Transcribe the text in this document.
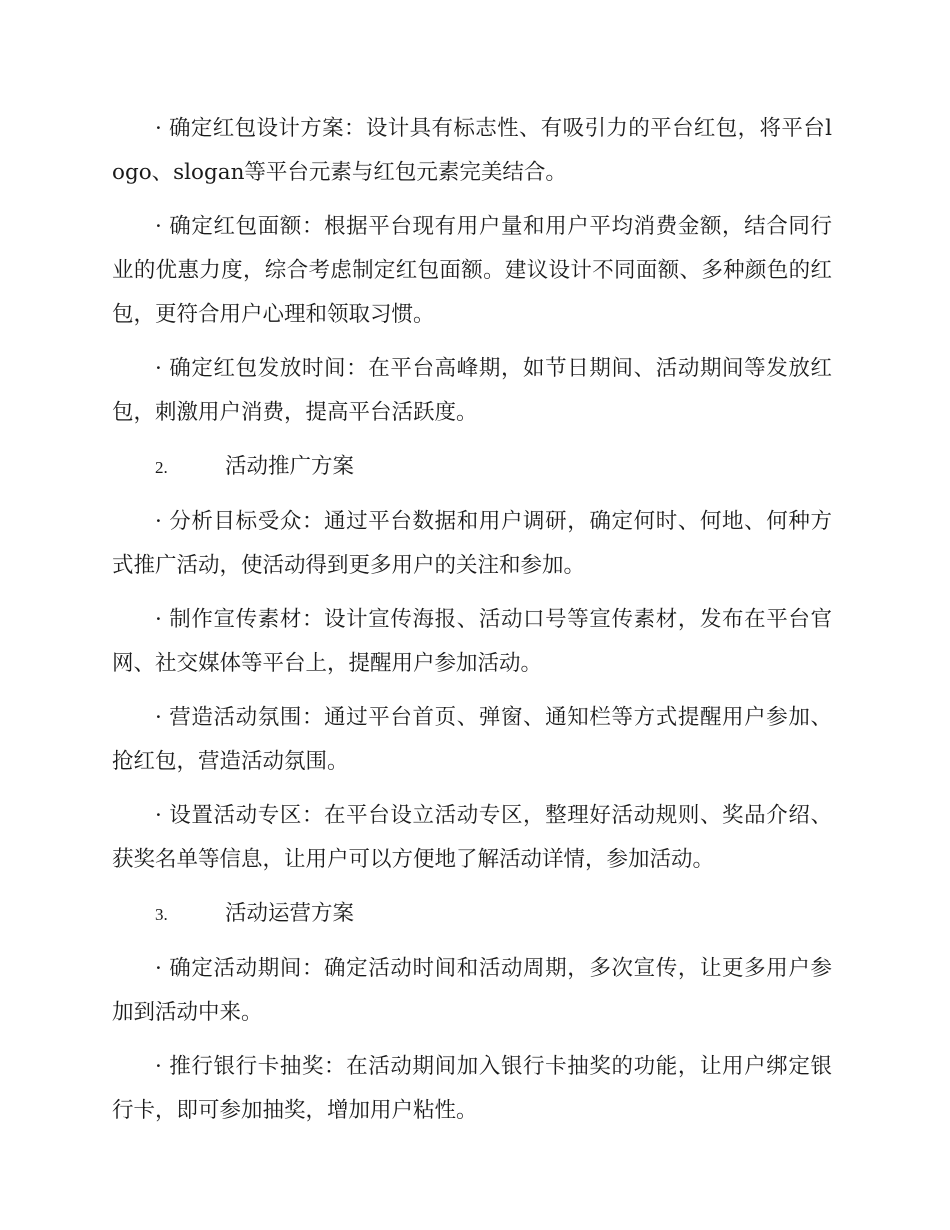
· 确定红包设计方案：设计具有标志性、有吸引力的平台红包，将平台logo、slogan等平台元素与红包元素完美结合。

· 确定红包面额：根据平台现有用户量和用户平均消费金额，结合同行业的优惠力度，综合考虑制定红包面额。建议设计不同面额、多种颜色的红包，更符合用户心理和领取习惯。

· 确定红包发放时间：在平台高峰期，如节日期间、活动期间等发放红包，刺激用户消费，提高平台活跃度。

2.	活动推广方案

· 分析目标受众：通过平台数据和用户调研，确定何时、何地、何种方式推广活动，使活动得到更多用户的关注和参加。

· 制作宣传素材：设计宣传海报、活动口号等宣传素材，发布在平台官网、社交媒体等平台上，提醒用户参加活动。

· 营造活动氛围：通过平台首页、弹窗、通知栏等方式提醒用户参加、抢红包，营造活动氛围。

· 设置活动专区：在平台设立活动专区，整理好活动规则、奖品介绍、获奖名单等信息，让用户可以方便地了解活动详情，参加活动。

3.	活动运营方案

· 确定活动期间：确定活动时间和活动周期，多次宣传，让更多用户参加到活动中来。

· 推行银行卡抽奖：在活动期间加入银行卡抽奖的功能，让用户绑定银行卡，即可参加抽奖，增加用户粘性。
